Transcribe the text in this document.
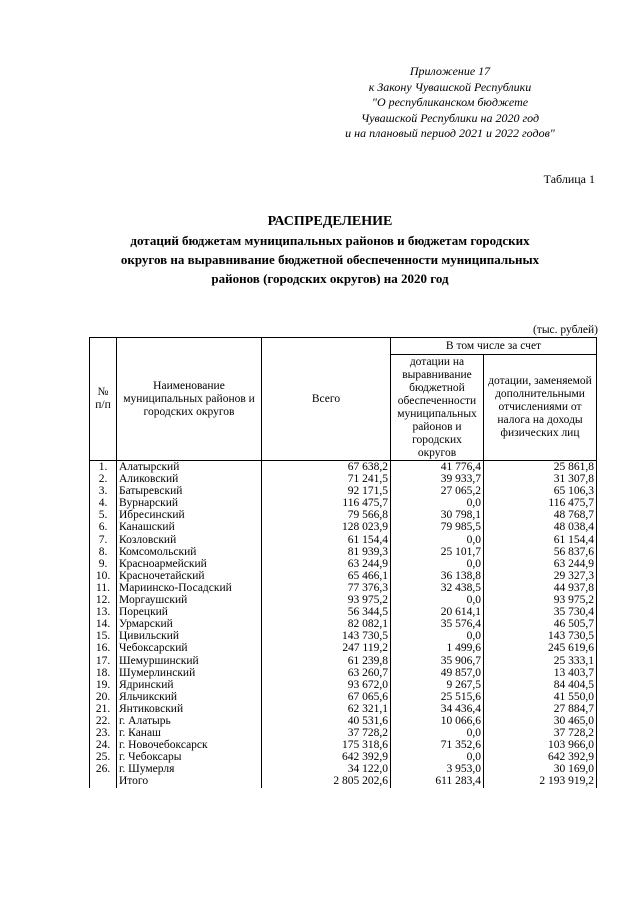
Приложение 17
к Закону Чувашской Республики
"О республиканском бюджете
Чувашской Республики на 2020 год
и на плановый период 2021 и 2022 годов"
Таблица 1
РАСПРЕДЕЛЕНИЕ
дотаций бюджетам муниципальных районов и бюджетам городских
округов на выравнивание бюджетной обеспеченности муниципальных
районов (городских округов) на 2020 год
(тыс. рублей)
№ п/п	Наименование муниципальных районов и городских округов	Всего	В том числе за счет	
			дотации на выравнивание бюджетной обеспеченности муниципальных районов и городских округов	дотации, заменяемой дополнительными отчислениями от налога на доходы физических лиц
1.	Алатырский	67 638,2	41 776,4	25 861,8
2.	Аликовский	71 241,5	39 933,7	31 307,8
3.	Батыревский	92 171,5	27 065,2	65 106,3
4.	Вурнарский	116 475,7	0,0	116 475,7
5.	Ибресинский	79 566,8	30 798,1	48 768,7
6.	Канашский	128 023,9	79 985,5	48 038,4
7.	Козловский	61 154,4	0,0	61 154,4
8.	Комсомольский	81 939,3	25 101,7	56 837,6
9.	Красноармейский	63 244,9	0,0	63 244,9
10.	Красночетайский	65 466,1	36 138,8	29 327,3
11.	Мариинско-Посадский	77 376,3	32 438,5	44 937,8
12.	Моргаушский	93 975,2	0,0	93 975,2
13.	Порецкий	56 344,5	20 614,1	35 730,4
14.	Урмарский	82 082,1	35 576,4	46 505,7
15.	Цивильский	143 730,5	0,0	143 730,5
16.	Чебоксарский	247 119,2	1 499,6	245 619,6
17.	Шемуршинский	61 239,8	35 906,7	25 333,1
18.	Шумерлинский	63 260,7	49 857,0	13 403,7
19.	Ядринский	93 672,0	9 267,5	84 404,5
20.	Яльчикский	67 065,6	25 515,6	41 550,0
21.	Янтиковский	62 321,1	34 436,4	27 884,7
22.	г. Алатырь	40 531,6	10 066,6	30 465,0
23.	г. Канаш	37 728,2	0,0	37 728,2
24.	г. Новочебоксарск	175 318,6	71 352,6	103 966,0
25.	г. Чебоксары	642 392,9	0,0	642 392,9
26.	г. Шумерля	34 122,0	3 953,0	30 169,0
	Итого	2 805 202,6	611 283,4	2 193 919,2
